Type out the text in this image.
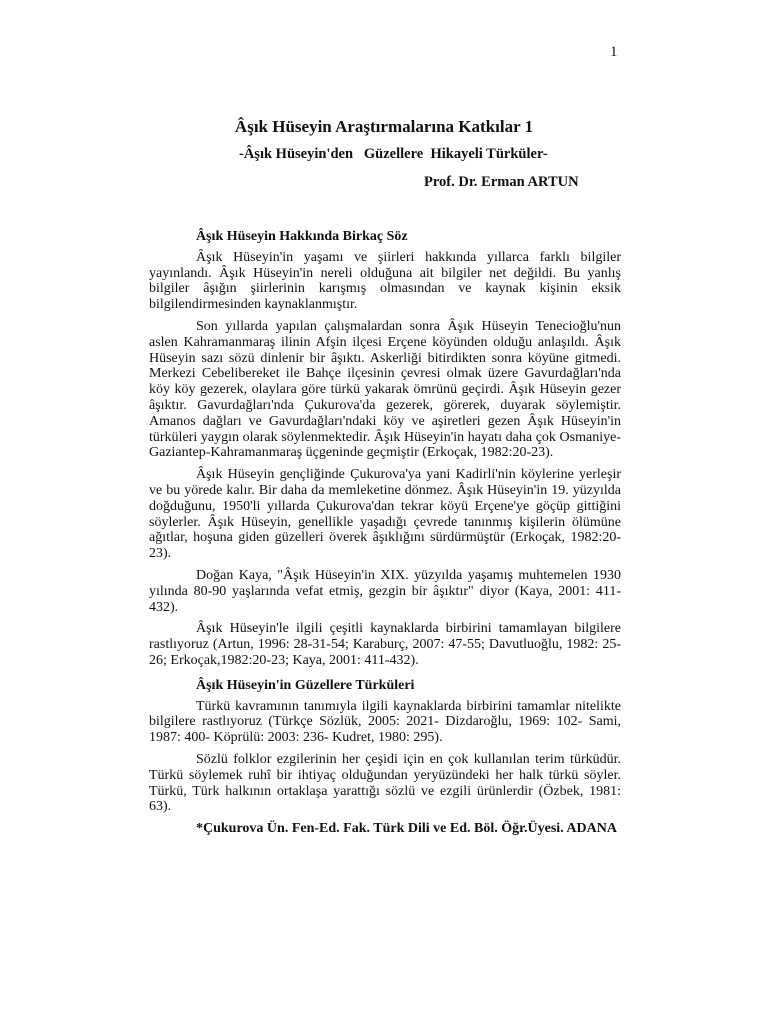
1
Âşık Hüseyin Araştırmalarına Katkılar 1
-Âşık Hüseyin'den   Güzellere  Hikayeli Türküler-
Prof. Dr. Erman ARTUN
Âşık Hüseyin Hakkında Birkaç Söz

Âşık Hüseyin'in yaşamı ve şiirleri hakkında yıllarca farklı bilgiler yayınlandı. Âşık Hüseyin'in nereli olduğuna ait bilgiler net değildi. Bu yanlış bilgiler âşığın şiirlerinin karışmış olmasından ve kaynak kişinin eksik bilgilendirmesinden kaynaklanmıştır.

Son yıllarda yapılan çalışmalardan sonra Âşık Hüseyin Tenecioğlu'nun aslen Kahramanmaraş ilinin Afşin ilçesi Erçene köyünden olduğu anlaşıldı. Âşık Hüseyin sazı sözü dinlenir bir âşıktı. Askerliği bitirdikten sonra köyüne gitmedi. Merkezi Cebelibereket ile Bahçe ilçesinin çevresi olmak üzere Gavurdağları'nda köy köy gezerek, olaylara göre türkü yakarak ömrünü geçirdi. Âşık Hüseyin gezer âşıktır. Gavurdağları'nda Çukurova'da gezerek, görerek, duyarak söylemiştir. Amanos dağları ve Gavurdağları'ndaki köy ve aşiretleri gezen Âşık Hüseyin'in türküleri yaygın olarak söylenmektedir. Âşık Hüseyin'in hayatı daha çok Osmaniye-Gaziantep-Kahramanmaraş üçgeninde geçmiştir (Erkoçak, 1982:20-23).

Âşık Hüseyin gençliğinde Çukurova'ya yani Kadirli'nin köylerine yerleşir ve bu yörede kalır. Bir daha da memleketine dönmez. Âşık Hüseyin'in 19. yüzyılda doğduğunu, 1950'li yıllarda Çukurova'dan tekrar köyü Erçene'ye göçüp gittiğini söylerler. Âşık Hüseyin, genellikle yaşadığı çevrede tanınmış kişilerin ölümüne ağıtlar, hoşuna giden güzelleri överek âşıklığını sürdürmüştür (Erkoçak, 1982:20-23).

Doğan Kaya, "Âşık Hüseyin'in XIX. yüzyılda yaşamış muhtemelen 1930 yılında 80-90 yaşlarında vefat etmiş, gezgin bir âşıktır" diyor (Kaya, 2001: 411-432).

Âşık Hüseyin'le ilgili çeşitli kaynaklarda birbirini tamamlayan bilgilere rastlıyoruz (Artun, 1996: 28-31-54; Karaburç, 2007: 47-55; Davutluoğlu, 1982: 25-26; Erkoçak,1982:20-23; Kaya, 2001: 411-432).

Âşık Hüseyin'in Güzellere Türküleri

Türkü kavramının tanımıyla ilgili kaynaklarda birbirini tamamlar nitelikte bilgilere rastlıyoruz (Türkçe Sözlük, 2005: 2021- Dizdaroğlu, 1969: 102- Sami, 1987: 400- Köprülü: 2003: 236- Kudret, 1980: 295).

Sözlü folklor ezgilerinin her çeşidi için en çok kullanılan terim türküdür. Türkü söylemek ruhî bir ihtiyaç olduğundan yeryüzündeki her halk türkü söyler. Türkü, Türk halkının ortaklaşa yarattığı sözlü ve ezgili ürünlerdir (Özbek, 1981: 63).

*Çukurova Ün. Fen-Ed. Fak. Türk Dili ve Ed. Böl. Öğr.Üyesi. ADANA
